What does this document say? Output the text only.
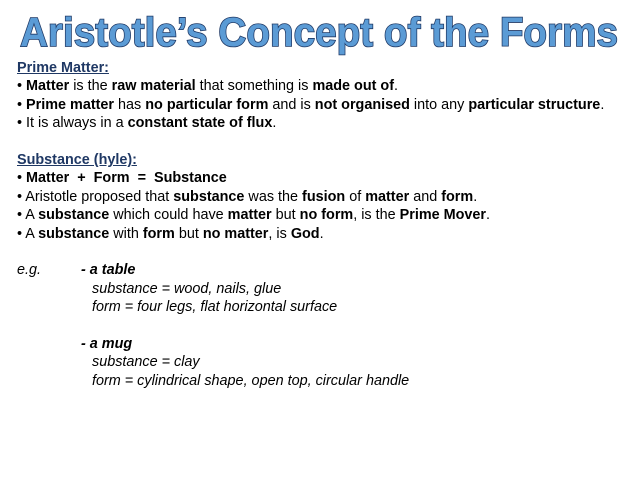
Aristotle’s Concept of the Forms
Prime Matter:
• Matter is the raw material that something is made out of.
• Prime matter has no particular form and is not organised into any particular structure.
• It is always in a constant state of flux.
Substance (hyle):
• Matter  +  Form  =  Substance
• Aristotle proposed that substance was the fusion of matter and form.
• A substance which could have matter but no form, is the Prime Mover.
• A substance with form but no matter, is God.
e.g.	- a table
substance = wood, nails, glue
form = four legs, flat horizontal surface
- a mug
substance = clay
form = cylindrical shape, open top, circular handle
